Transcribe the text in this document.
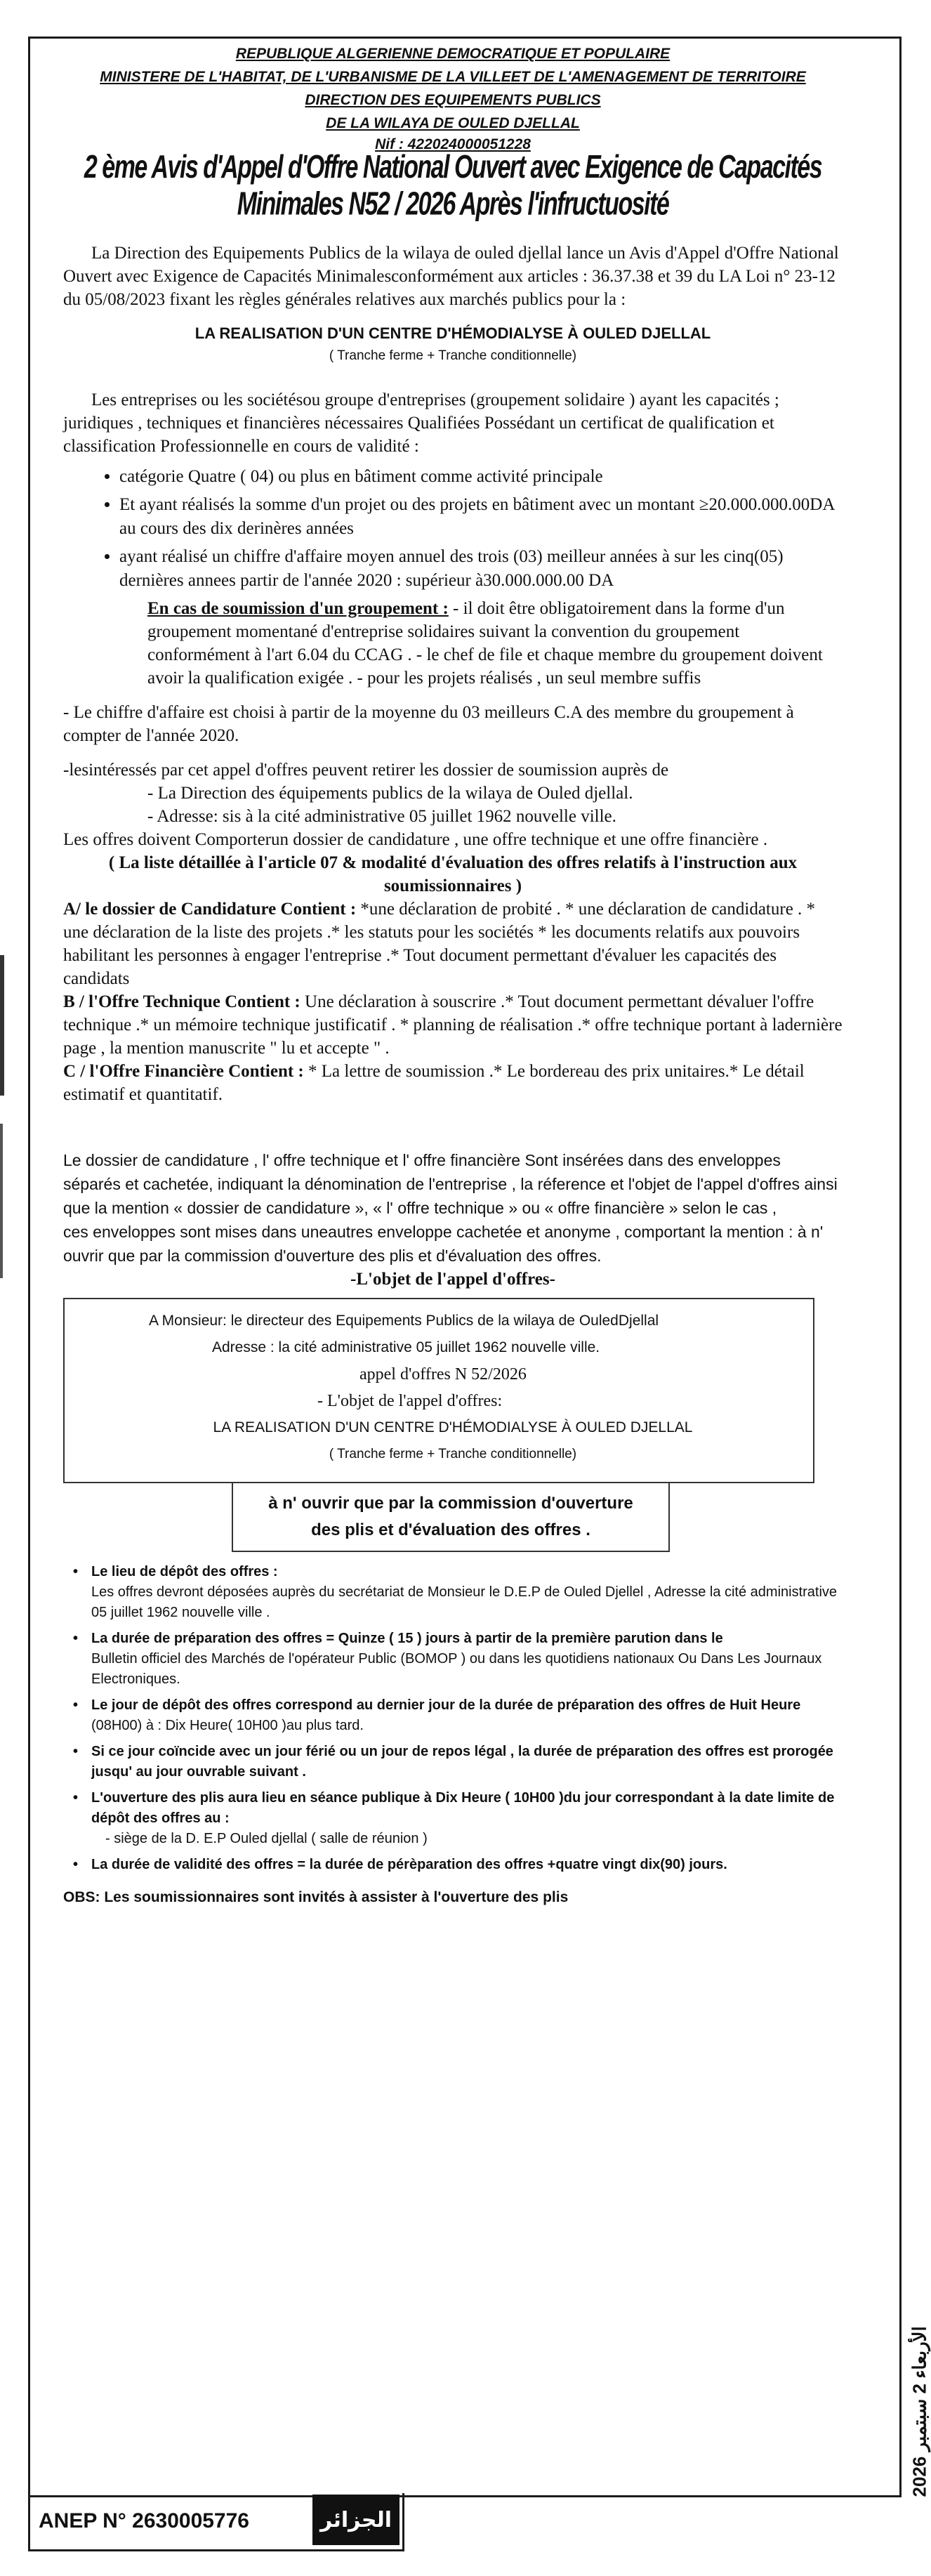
REPUBLIQUE ALGERIENNE DEMOCRATIQUE ET POPULAIRE
MINISTERE DE L'HABITAT, DE L'URBANISME DE LA VILLEET DE L'AMENAGEMENT DE TERRITOIRE
DIRECTION DES EQUIPEMENTS PUBLICS
DE LA WILAYA DE OULED DJELLAL
Nif : 422024000051228
2 ème Avis d'Appel d'Offre National Ouvert avec Exigence de Capacités Minimales N52 / 2026 Après l'infructuosité

La Direction des Equipements Publics de la wilaya de ouled djellal lance un Avis d'Appel d'Offre National Ouvert avec Exigence de Capacités Minimalesconformément aux articles : 36.37.38 et 39 du LA Loi n° 23-12 du 05/08/2023 fixant les règles générales relatives aux marchés publics pour la :

LA REALISATION D'UN CENTRE D'HÉMODIALYSE À OULED DJELLAL
( Tranche ferme + Tranche conditionnelle)

Les entreprises ou les sociétésou groupe d'entreprises (groupement solidaire ) ayant les capacités ; juridiques , techniques et financières nécessaires Qualifiées Possédant un certificat de qualification et classification Professionnelle en cours de validité :

• catégorie Quatre ( 04) ou plus en bâtiment comme activité principale
• Et ayant réalisés la somme d'un projet ou des projets en bâtiment avec un montant ≥20.000.000.00DA au cours des dix derinères années
• ayant réalisé un chiffre d'affaire moyen annuel des trois (03) meilleur années à sur les cinq(05) dernières annees partir de l'année 2020 : supérieur à30.000.000.00 DA

En cas de soumission d'un groupement : - il doit être obligatoirement dans la forme d'un groupement momentané d'entreprise solidaires suivant la convention du groupement conformément à l'art 6.04 du CCAG . - le chef de file et chaque membre du groupement doivent avoir la qualification exigée . - pour les projets réalisés , un seul membre suffis

- Le chiffre d'affaire est choisi à partir de la moyenne du 03 meilleurs C.A des membre du groupement à compter de l'année 2020.

-lesintéressés par cet appel d'offres peuvent retirer les dossier de soumission auprès de

- La Direction des équipements publics de la wilaya de Ouled djellal.

- Adresse: sis à la cité administrative 05 juillet 1962 nouvelle ville.

Les offres doivent Comporterun dossier de candidature , une offre technique et une offre financière .

( La liste détaillée à l'article 07 & modalité d'évaluation des offres relatifs à l'instruction aux soumissionnaires )

A/ le dossier de Candidature Contient : *une déclaration de probité . * une déclaration de candidature . * une déclaration de la liste des projets .* les statuts pour les sociétés * les documents relatifs aux pouvoirs habilitant les personnes à engager l'entreprise .* Tout document permettant d'évaluer les capacités des candidats

B / l'Offre Technique Contient : Une déclaration à souscrire .* Tout document permettant dévaluer l'offre technique .* un mémoire technique justificatif . * planning de réalisation .* offre technique portant à ladernière page , la mention manuscrite " lu et accepte " .

C / l'Offre Financière Contient : * La lettre de soumission .* Le bordereau des prix unitaires.* Le détail estimatif et quantitatif.

Le dossier de candidature , l' offre technique et l' offre financière Sont insérées dans des enveloppes séparés et cachetée, indiquant la dénomination de l'entreprise , la réference et l'objet de l'appel d'offres ainsi que la mention « dossier de candidature », « l' offre technique » ou « offre financière » selon le cas ,

ces enveloppes sont mises dans uneautres enveloppe cachetée et anonyme , comportant la mention : à n' ouvrir que par la commission d'ouverture des plis et d'évaluation des offres.

-L'objet de l'appel d'offres-

A Monsieur: le directeur des Equipements Publics de la wilaya de OuledDjellal
Adresse : la cité administrative 05 juillet 1962 nouvelle ville.
appel d'offres N 52/2026
- L'objet de l'appel d'offres:
LA REALISATION D'UN CENTRE D'HÉMODIALYSE À OULED DJELLAL
( Tranche ferme + Tranche conditionnelle)
à n' ouvrir que par la commission d'ouverture
des plis et d'évaluation des offres .
• Le lieu de dépôt des offres :
Les offres devront déposées auprès du secrétariat de Monsieur le D.E.P de Ouled Djellel , Adresse la cité administrative 05 juillet 1962 nouvelle ville .
• La durée de préparation des offres = Quinze ( 15 ) jours à partir de la première parution dans le
Bulletin officiel des Marchés de l'opérateur Public (BOMOP ) ou dans les quotidiens nationaux Ou Dans Les Journaux Electroniques.
• Le jour de dépôt des offres correspond au dernier jour de la durée de préparation des offres de Huit Heure
(08H00) à : Dix Heure( 10H00 )au plus tard.
• Si ce jour coïncide avec un jour férié ou un jour de repos légal , la durée de préparation des offres est prorogée jusqu' au jour ouvrable suivant .
• L'ouverture des plis aura lieu en séance publique à Dix Heure ( 10H00 )du jour correspondant à la date limite de dépôt des offres au :
- siège de la D. E.P Ouled djellal ( salle de réunion )
• La durée de validité des offres = la durée de pérèparation des offres +quatre vingt dix(90) jours.
OBS: Les soumissionnaires sont invités à assister à l'ouverture des plis
الأربعاء 2 سبتمبر 2026
ANEP N° 2630005776	الجزائر
